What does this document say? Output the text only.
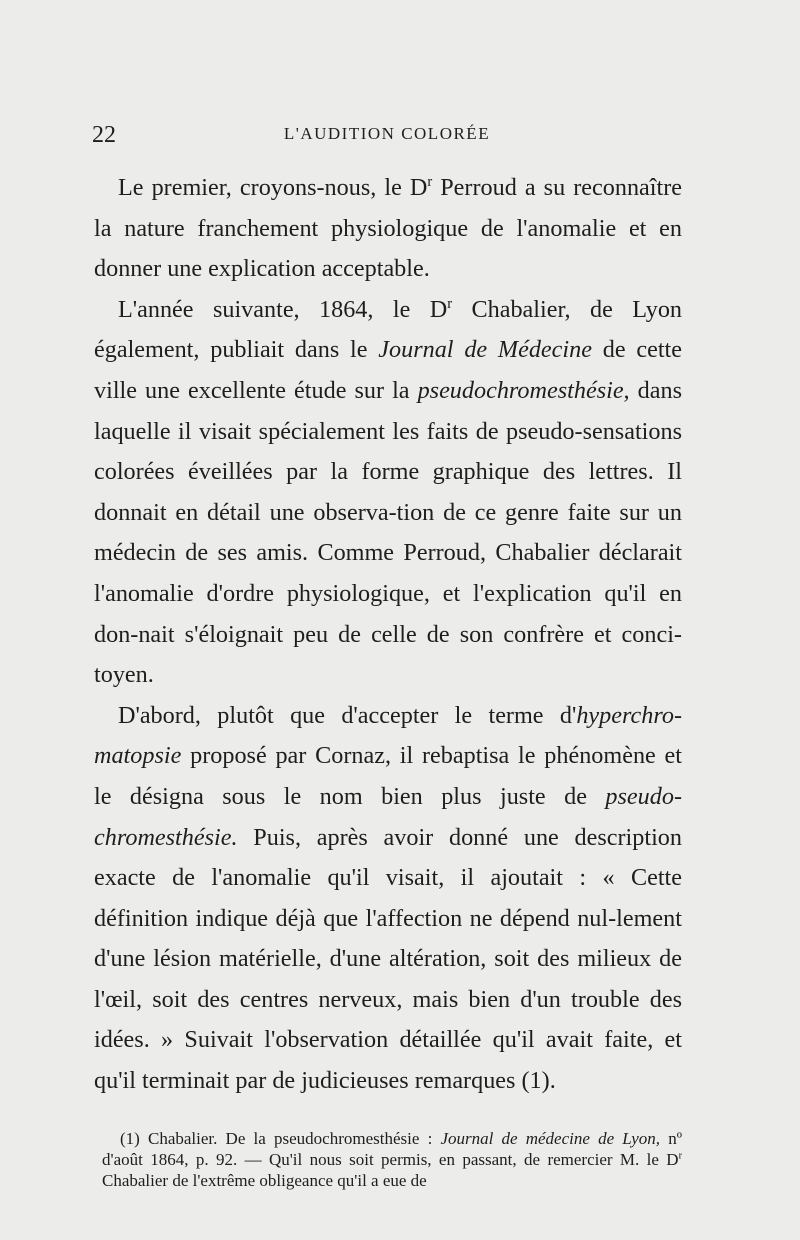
22	L'AUDITION COLORÉE

Le premier, croyons-nous, le $D^r$ Perroud a su reconnaître la nature franchement physiologique de l'anomalie et en donner une explication acceptable.

L'année suivante, 1864, le $D^r$ Chabalier, de Lyon également, publiait dans le Journal de Médecine de cette ville une excellente étude sur la pseudochromesthésie, dans laquelle il visait spécialement les faits de pseudo-sensations colorées éveillées par la forme graphique des lettres. Il donnait en détail une observa-tion de ce genre faite sur un médecin de ses amis. Comme Perroud, Chabalier déclarait l'anomalie d'ordre physiologique, et l'explication qu'il en don-nait s'éloignait peu de celle de son confrère et conci-toyen.

D'abord, plutôt que d'accepter le terme d'hyperchro-matopsie proposé par Cornaz, il rebaptisa le phénomène et le désigna sous le nom bien plus juste de pseudo-chromesthésie. Puis, après avoir donné une description exacte de l'anomalie qu'il visait, il ajoutait : « Cette définition indique déjà que l'affection ne dépend nul-lement d'une lésion matérielle, d'une altération, soit des milieux de l'œil, soit des centres nerveux, mais bien d'un trouble des idées. » Suivait l'observation détaillée qu'il avait faite, et qu'il terminait par de judicieuses remarques (1).

(1) Chabalier. De la pseudochromesthésie : Journal de médecine de Lyon, nº d'août 1864, p. 92. — Qu'il nous soit permis, en passant, de remercier M. le $D^r$ Chabalier de l'extrême obligeance qu'il a eue de
